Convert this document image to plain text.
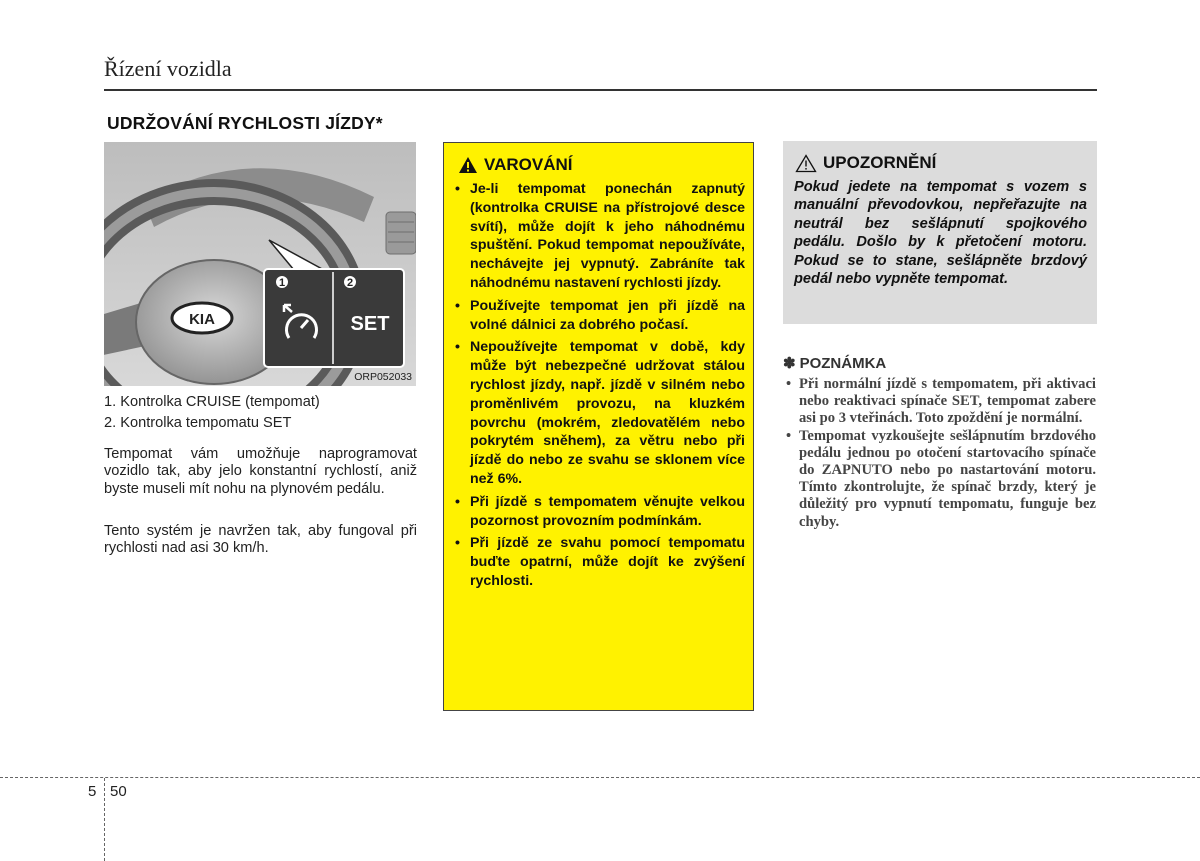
Řízení vozidla
UDRŽOVÁNÍ RYCHLOSTI JÍZDY*
KIA
1	2
SET
ORP052033
1. Kontrolka CRUISE (tempomat)
2. Kontrolka tempomatu SET
Tempomat vám umožňuje naprogramovat vozidlo tak, aby jelo konstantní rychlostí, aniž byste museli mít nohu na plynovém pedálu.
Tento systém je navržen tak, aby fungoval při rychlosti nad asi 30 km/h.
VAROVÁNÍ
• Je-li tempomat ponechán zapnutý (kontrolka CRUISE na přístrojové desce svítí), může dojít k jeho náhodnému spuštění. Pokud tempomat nepoužíváte, nechávejte jej vypnutý. Zabráníte tak náhodnému nastavení rychlosti jízdy.
• Používejte tempomat jen při jízdě na volné dálnici za dobrého počasí.
• Nepoužívejte tempomat v době, kdy může být nebezpečné udržovat stálou rychlost jízdy, např. jízdě v silném nebo proměnlivém provozu, na kluzkém povrchu (mokrém, zledovatělém nebo pokrytém sněhem), za větru nebo při jízdě do nebo ze svahu se sklonem více než 6%.
• Při jízdě s tempomatem věnujte velkou pozornost provozním podmínkám.
• Při jízdě ze svahu pomocí tempomatu buďte opatrní, může dojít ke zvýšení rychlosti.
UPOZORNĚNÍ
Pokud jedete na tempomat s vozem s manuální převodovkou, nepřeřazujte na neutrál bez sešlápnutí spojkového pedálu. Došlo by k přetočení motoru. Pokud se to stane, sešlápněte brzdový pedál nebo vypněte tempomat.
✽ POZNÁMKA
• Při normální jízdě s tempomatem, při aktivaci nebo reaktivaci spínače SET, tempomat zabere asi po 3 vteřinách. Toto zpoždění je normální.
• Tempomat vyzkoušejte sešlápnutím brzdového pedálu jednou po otočení startovacího spínače do ZAPNUTO nebo po nastartování motoru. Tímto zkontrolujte, že spínač brzdy, který je důležitý pro vypnutí tempomatu, funguje bez chyby.
5 50
